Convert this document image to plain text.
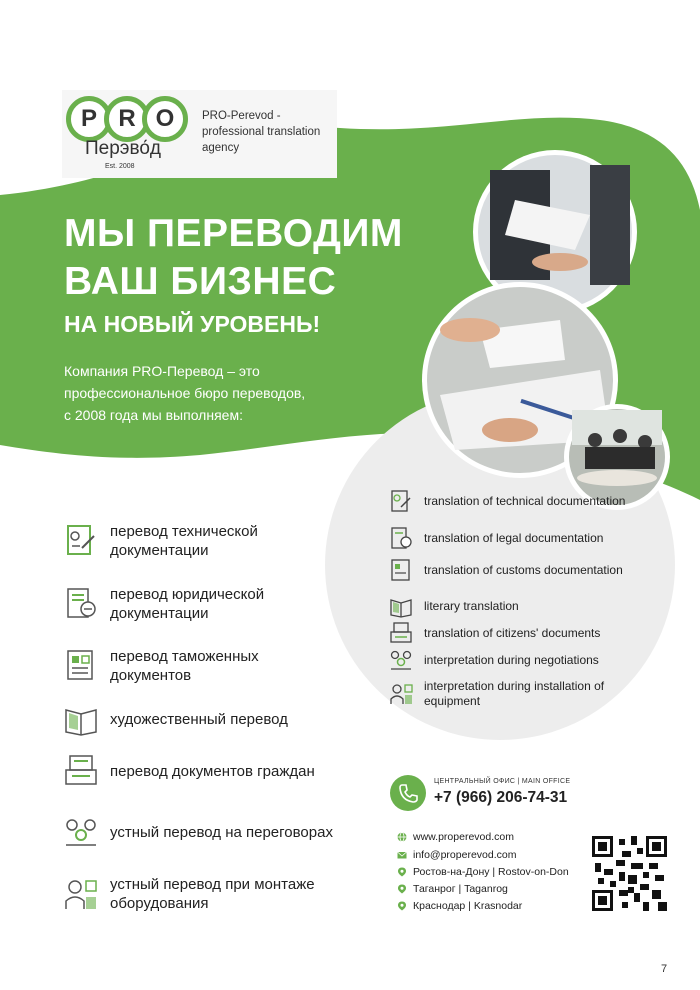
P R O
Перэво́д
Est. 2008
PRO-Perevod -
professional translation
agency
МЫ ПЕРЕВОДИМ
ВАШ БИЗНЕС
НА НОВЫЙ УРОВЕНЬ!
Компания PRO-Перевод – это
профессиональное бюро переводов,
с 2008 года мы выполняем:
перевод технической документации
перевод юридической документации
перевод таможенных документов
художественный перевод
перевод документов граждан
устный перевод на переговорах
устный перевод при монтаже оборудования
translation of technical documentation
translation of legal documentation
translation of customs documentation
literary translation
translation of citizens' documents
interpretation during negotiations
interpretation during installation of equipment
ЦЕНТРАЛЬНЫЙ ОФИС | MAIN OFFICE
+7 (966) 206-74-31
www.properevod.com
info@properevod.com
Ростов-на-Дону | Rostov-on-Don
Таганрог | Taganrog
Краснодар | Krasnodar
7
